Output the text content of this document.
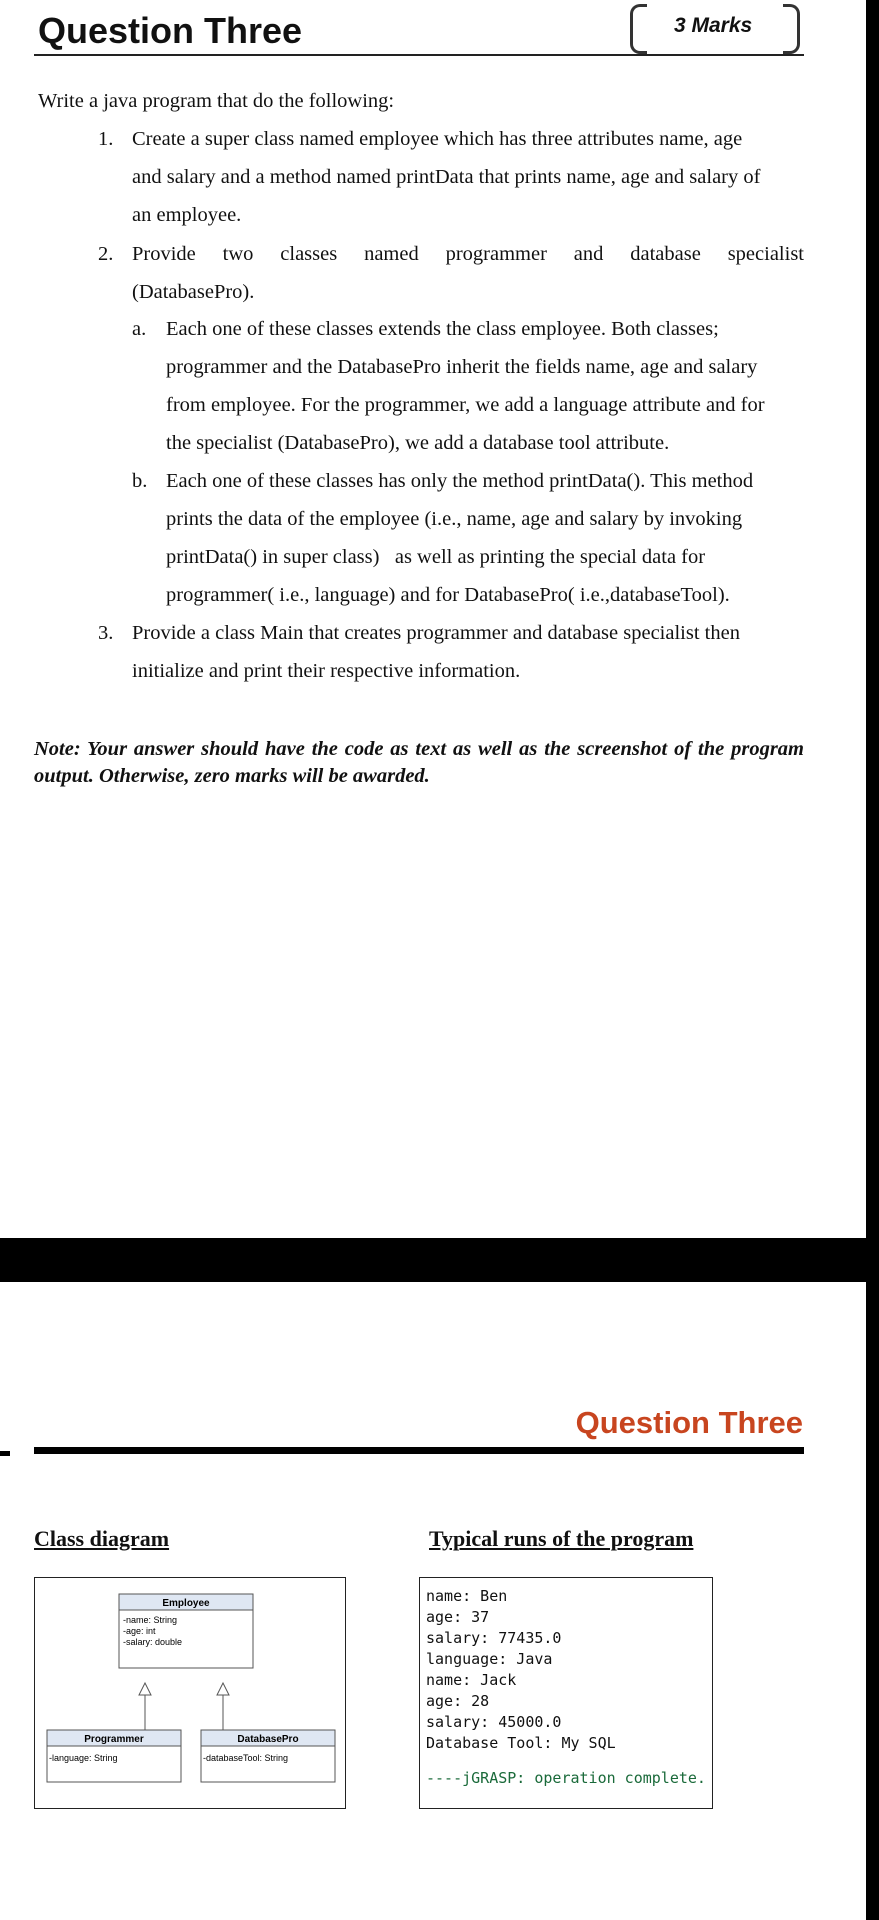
Question Three	3 Marks
Write a java program that do the following:
1. Create a super class named employee which has three attributes name, age
and salary and a method named printData that prints name, age and salary of
an employee.
2. Provide two classes named programmer and database specialist
(DatabasePro).
a. Each one of these classes extends the class employee. Both classes;
programmer and the DatabasePro inherit the fields name, age and salary
from employee. For the programmer, we add a language attribute and for
the specialist (DatabasePro), we add a database tool attribute.
b. Each one of these classes has only the method printData(). This method
prints the data of the employee (i.e., name, age and salary by invoking
printData() in super class)   as well as printing the special data for
programmer( i.e., language) and for DatabasePro( i.e.,databaseTool).
3. Provide a class Main that creates programmer and database specialist then
initialize and print their respective information.
Note: Your answer should have the code as text as well as the screenshot of the program output. Otherwise, zero marks will be awarded.
Question Three
Class diagram	Typical runs of the program
Employee
-name: String
-age: int
-salary: double
Programmer
-language: String
DatabasePro
-databaseTool: String
name: Ben
age: 37
salary: 77435.0
language: Java
name: Jack
age: 28
salary: 45000.0
Database Tool: My SQL
----jGRASP: operation complete.
